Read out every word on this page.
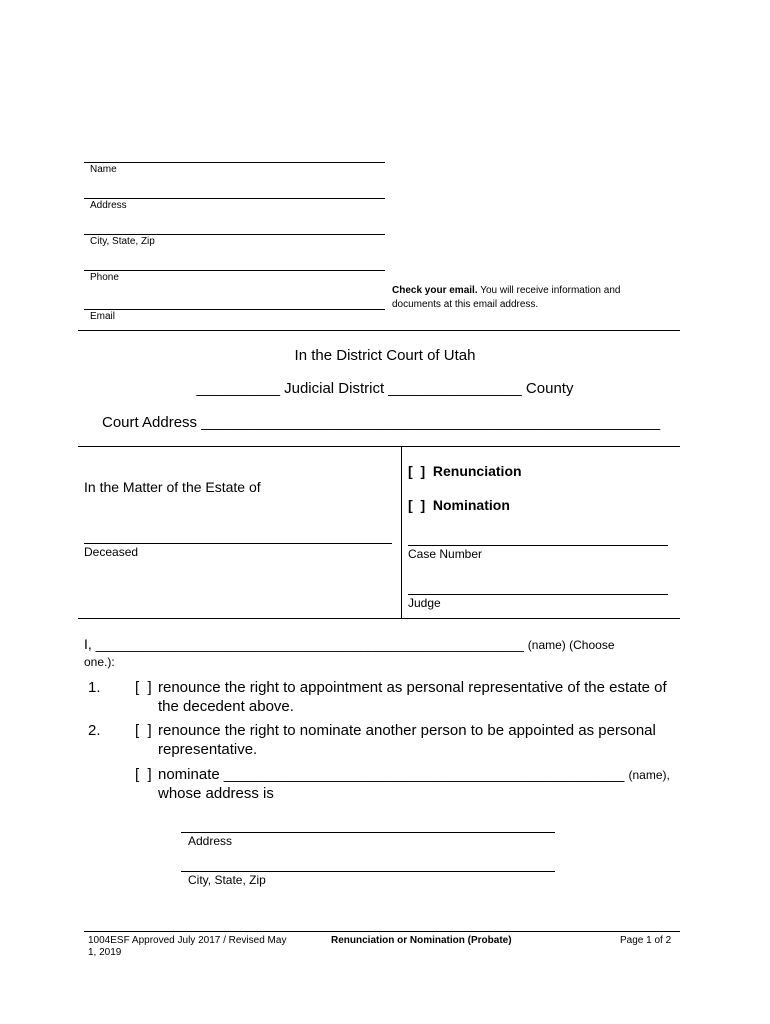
Name
Address
City, State, Zip
Phone
Email
Check your email. You will receive information and documents at this email address.
In the District Court of Utah
__________ Judicial District ________________ County
Court Address _______________________________________________________
In the Matter of the Estate of
Deceased
[  ]  Renunciation
[  ]  Nomination
Case Number
Judge
I, _______________________________________________________ (name) (Choose
one.):
1. [  ] renounce the right to appointment as personal representative of the estate of the decedent above.
2. [  ] renounce the right to nominate another person to be appointed as personal representative.
[  ] nominate ________________________________________________ (name),
whose address is
Address
City, State, Zip
1004ESF Approved July 2017 / Revised May 1, 2019
Renunciation or Nomination (Probate)	Page 1 of 2
